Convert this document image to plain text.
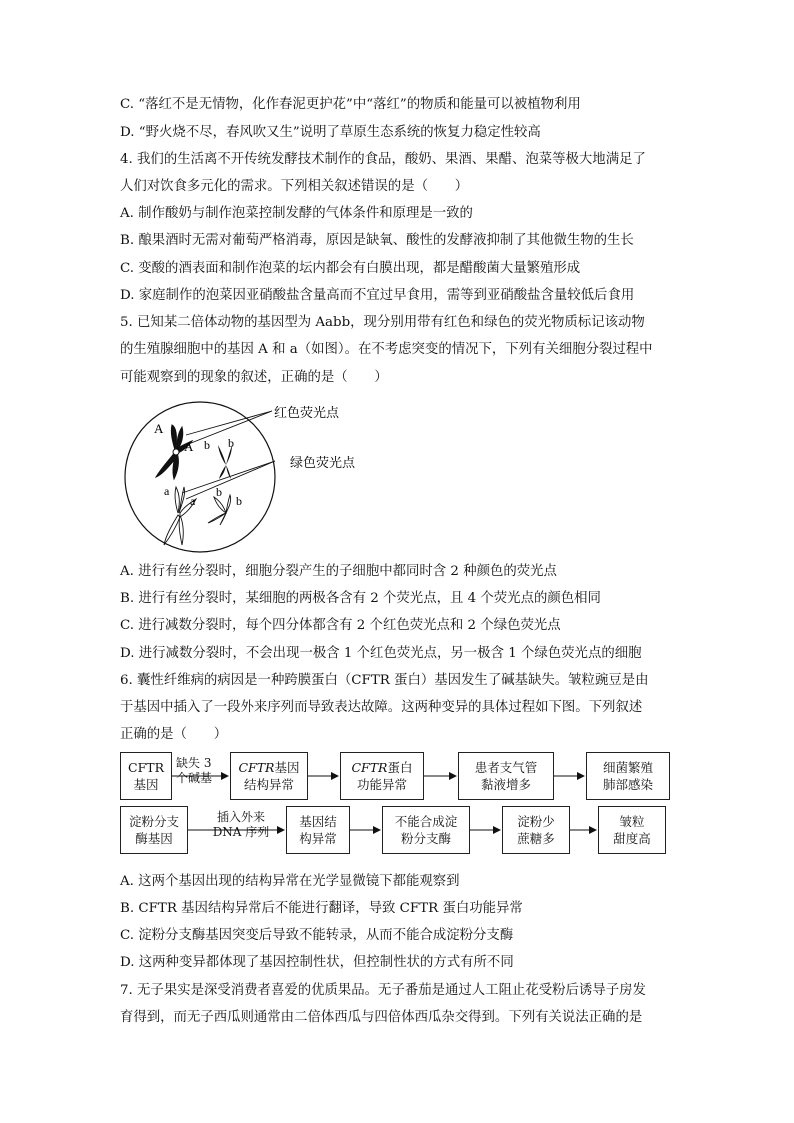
C. “落红不是无情物，化作春泥更护花”中“落红”的物质和能量可以被植物利用
D. “野火烧不尽，春风吹又生”说明了草原生态系统的恢复力稳定性较高
4. 我们的生活离不开传统发酵技术制作的食品，酸奶、果酒、果醋、泡菜等极大地满足了
人们对饮食多元化的需求。下列相关叙述错误的是（　　）
A. 制作酸奶与制作泡菜控制发酵的气体条件和原理是一致的
B. 酿果酒时无需对葡萄严格消毒，原因是缺氧、酸性的发酵液抑制了其他微生物的生长
C. 变酸的酒表面和制作泡菜的坛内都会有白膜出现，都是醋酸菌大量繁殖形成
D. 家庭制作的泡菜因亚硝酸盐含量高而不宜过早食用，需等到亚硝酸盐含量较低后食用
5. 已知某二倍体动物的基因型为 Aabb，现分别用带有红色和绿色的荧光物质标记该动物
的生殖腺细胞中的基因 A 和 a（如图）。在不考虑突变的情况下，下列有关细胞分裂过程中
可能观察到的现象的叙述，正确的是（　　）
A
A b b
a
a
b
b
红色荧光点
绿色荧光点
A. 进行有丝分裂时，细胞分裂产生的子细胞中都同时含 2 种颜色的荧光点
B. 进行有丝分裂时，某细胞的两极各含有 2 个荧光点，且 4 个荧光点的颜色相同
C. 进行减数分裂时，每个四分体都含有 2 个红色荧光点和 2 个绿色荧光点
D. 进行减数分裂时，不会出现一极含 1 个红色荧光点，另一极含 1 个绿色荧光点的细胞
6. 囊性纤维病的病因是一种跨膜蛋白（CFTR 蛋白）基因发生了碱基缺失。皱粒豌豆是由
于基因中插入了一段外来序列而导致表达故障。这两种变异的具体过程如下图。下列叙述
正确的是（　　）
CFTR
基因
缺失 3
个碱基
CFTR基因
结构异常
CFTR蛋白
功能异常
患者支气管
黏液增多
细菌繁殖
肺部感染
淀粉分支
酶基因
插入外来
DNA 序列
基因结
构异常
不能合成淀
粉分支酶
淀粉少
蔗糖多
皱粒
甜度高
A. 这两个基因出现的结构异常在光学显微镜下都能观察到
B. CFTR 基因结构异常后不能进行翻译，导致 CFTR 蛋白功能异常
C. 淀粉分支酶基因突变后导致不能转录，从而不能合成淀粉分支酶
D. 这两种变异都体现了基因控制性状，但控制性状的方式有所不同
7. 无子果实是深受消费者喜爱的优质果品。无子番茄是通过人工阻止花受粉后诱导子房发
育得到，而无子西瓜则通常由二倍体西瓜与四倍体西瓜杂交得到。下列有关说法正确的是
